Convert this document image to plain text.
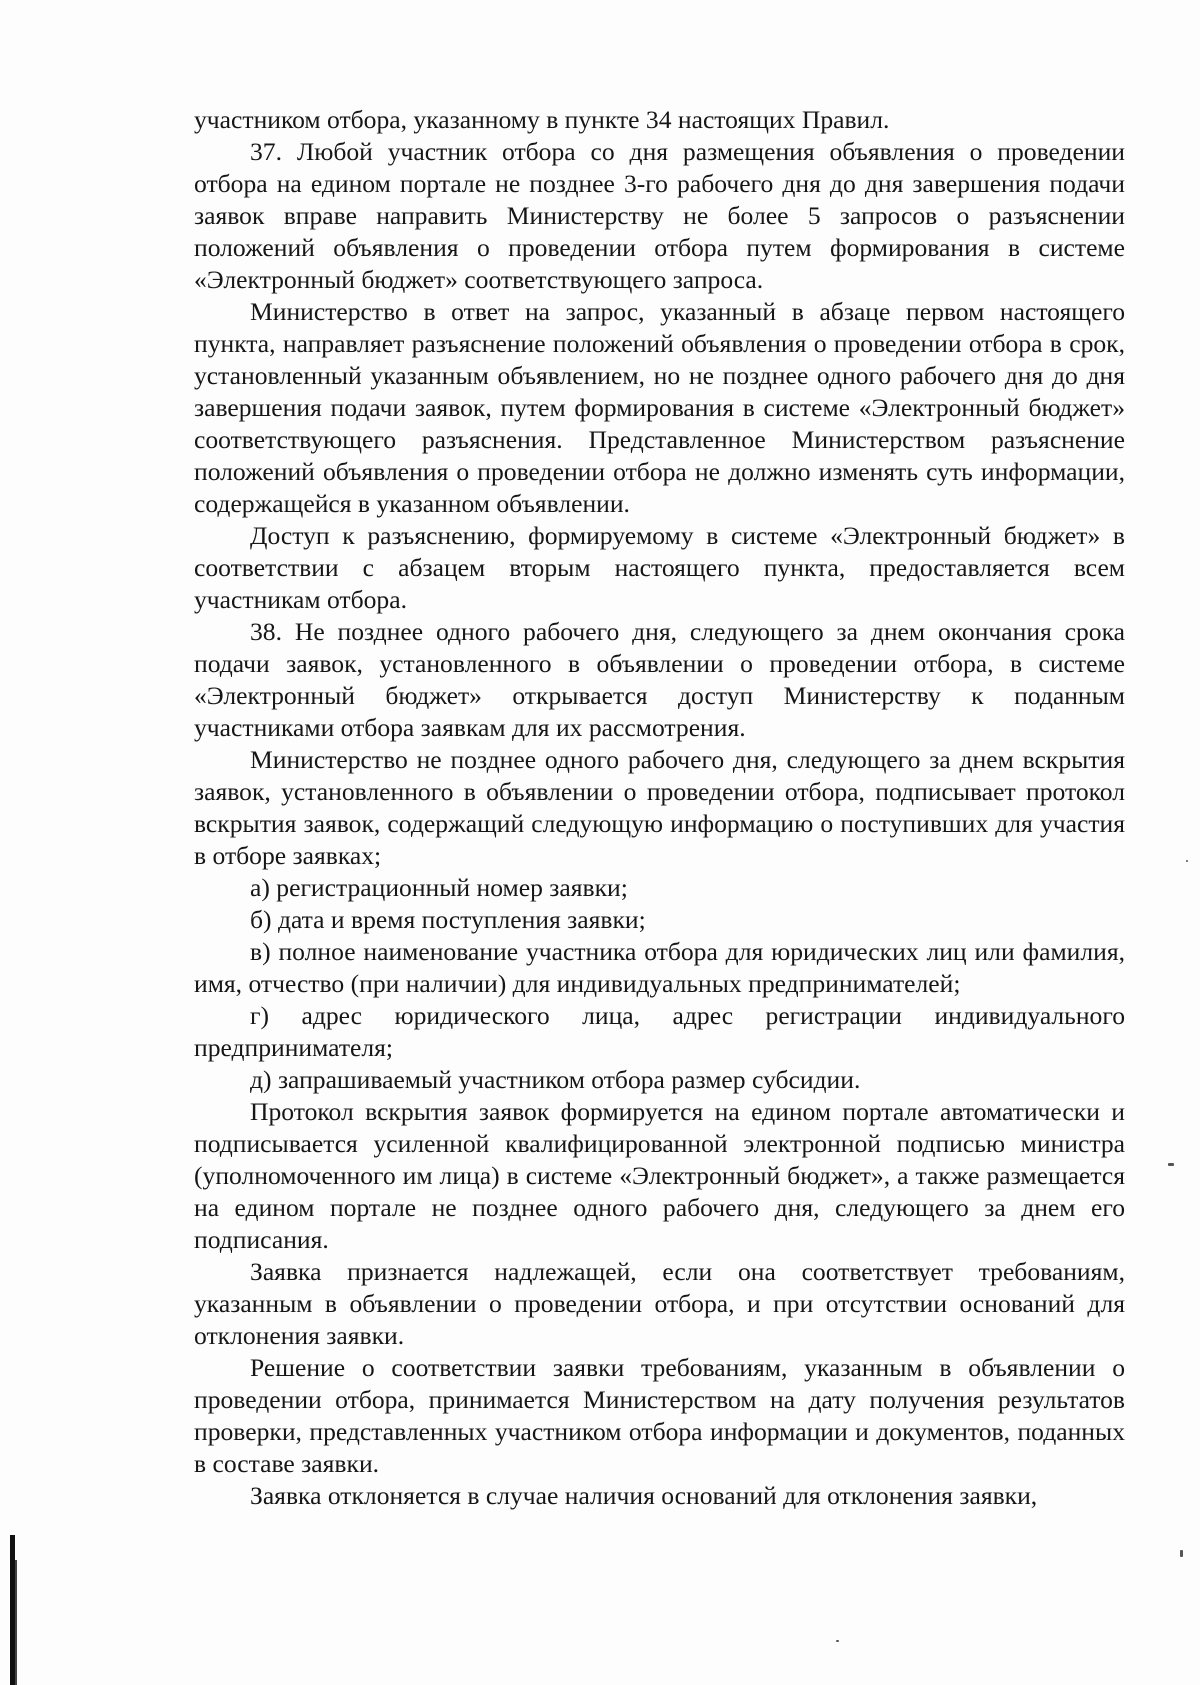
участником отбора, указанному в пункте 34 настоящих Правил.

37. Любой участник отбора со дня размещения объявления о проведении отбора на едином портале не позднее 3-го рабочего дня до дня завершения подачи заявок вправе направить Министерству не более 5 запросов о разъяснении положений объявления о проведении отбора путем формирования в системе «Электронный бюджет» соответствующего запроса.

Министерство в ответ на запрос, указанный в абзаце первом настоящего пункта, направляет разъяснение положений объявления о проведении отбора в срок, установленный указанным объявлением, но не позднее одного рабочего дня до дня завершения подачи заявок, путем формирования в системе «Электронный бюджет» соответствующего разъяснения. Представленное Министерством разъяснение положений объявления о проведении отбора не должно изменять суть информации, содержащейся в указанном объявлении.

Доступ к разъяснению, формируемому в системе «Электронный бюджет» в соответствии с абзацем вторым настоящего пункта, предоставляется всем участникам отбора.

38. Не позднее одного рабочего дня, следующего за днем окончания срока подачи заявок, установленного в объявлении о проведении отбора, в системе «Электронный бюджет» открывается доступ Министерству к поданным участниками отбора заявкам для их рассмотрения.

Министерство не позднее одного рабочего дня, следующего за днем вскрытия заявок, установленного в объявлении о проведении отбора, подписывает протокол вскрытия заявок, содержащий следующую информацию о поступивших для участия в отборе заявках;

а) регистрационный номер заявки;

б) дата и время поступления заявки;

в) полное наименование участника отбора для юридических лиц или фамилия, имя, отчество (при наличии) для индивидуальных предпринимателей;

г) адрес юридического лица, адрес регистрации индивидуального предпринимателя;

д) запрашиваемый участником отбора размер субсидии.

Протокол вскрытия заявок формируется на едином портале автоматически и подписывается усиленной квалифицированной электронной подписью министра (уполномоченного им лица) в системе «Электронный бюджет», а также размещается на едином портале не позднее одного рабочего дня, следующего за днем его подписания.

Заявка признается надлежащей, если она соответствует требованиям, указанным в объявлении о проведении отбора, и при отсутствии оснований для отклонения заявки.

Решение о соответствии заявки требованиям, указанным в объявлении о проведении отбора, принимается Министерством на дату получения результатов проверки, представленных участником отбора информации и документов, поданных в составе заявки.

Заявка отклоняется в случае наличия оснований для отклонения заявки,
